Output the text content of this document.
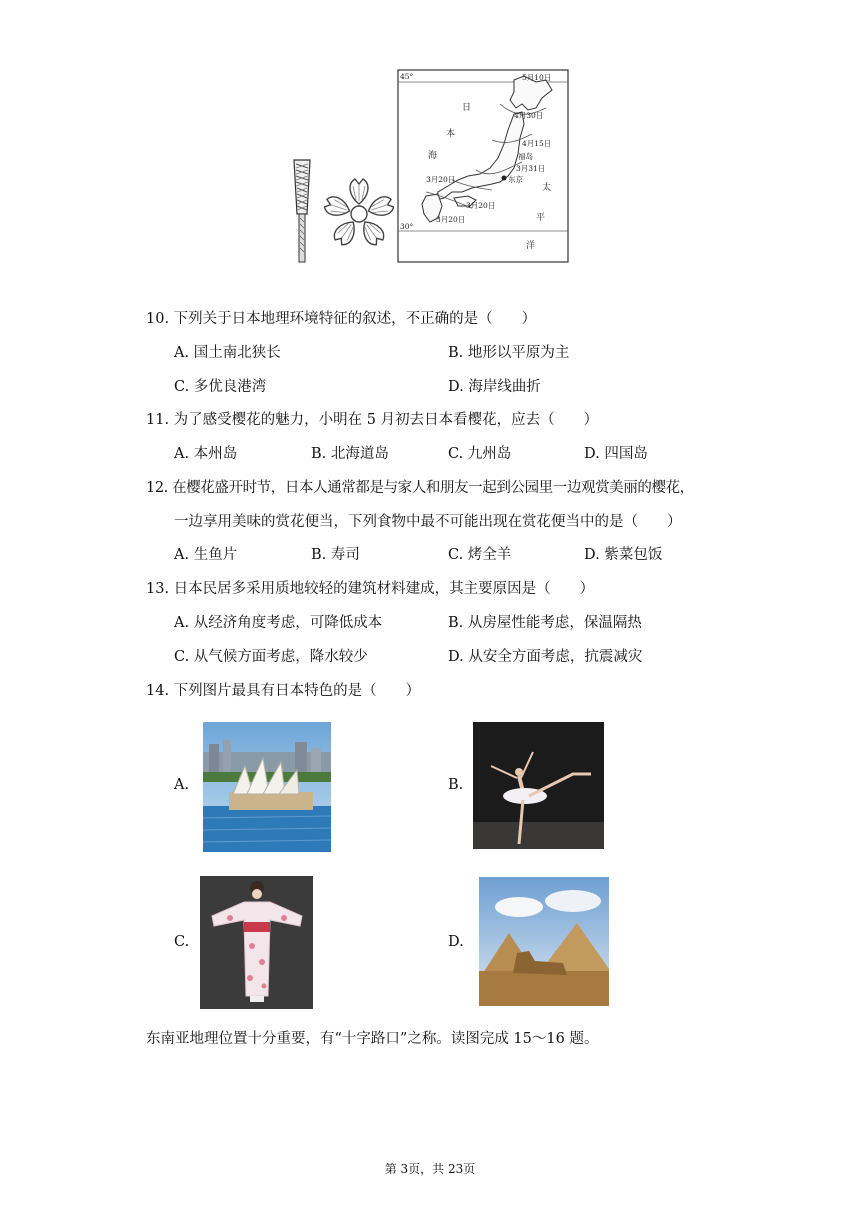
45°
30°
5月10日
4月30日
4月15日
福岛
3月31日
东京
3月20日
3月20日
3月20日
日
本
海
太
平
洋
10. 下列关于日本地理环境特征的叙述，不正确的是（　　）
A. 国土南北狭长	B. 地形以平原为主
C. 多优良港湾	D. 海岸线曲折
11. 为了感受樱花的魅力，小明在 5 月初去日本看樱花，应去（　　）
A. 本州岛	B. 北海道岛	C. 九州岛	D. 四国岛
12. 在樱花盛开时节，日本人通常都是与家人和朋友一起到公园里一边观赏美丽的樱花，
一边享用美味的赏花便当，下列食物中最不可能出现在赏花便当中的是（　　）
A. 生鱼片	B. 寿司	C. 烤全羊	D. 紫菜包饭
13. 日本民居多采用质地较轻的建筑材料建成，其主要原因是（　　）
A. 从经济角度考虑，可降低成本	B. 从房屋性能考虑，保温隔热
C. 从气候方面考虑，降水较少	D. 从安全方面考虑，抗震减灾
14. 下列图片最具有日本特色的是（　　）
A.	B.
C.	D.
东南亚地理位置十分重要，有“十字路口”之称。读图完成 15～16 题。
第 3页，共 23页
